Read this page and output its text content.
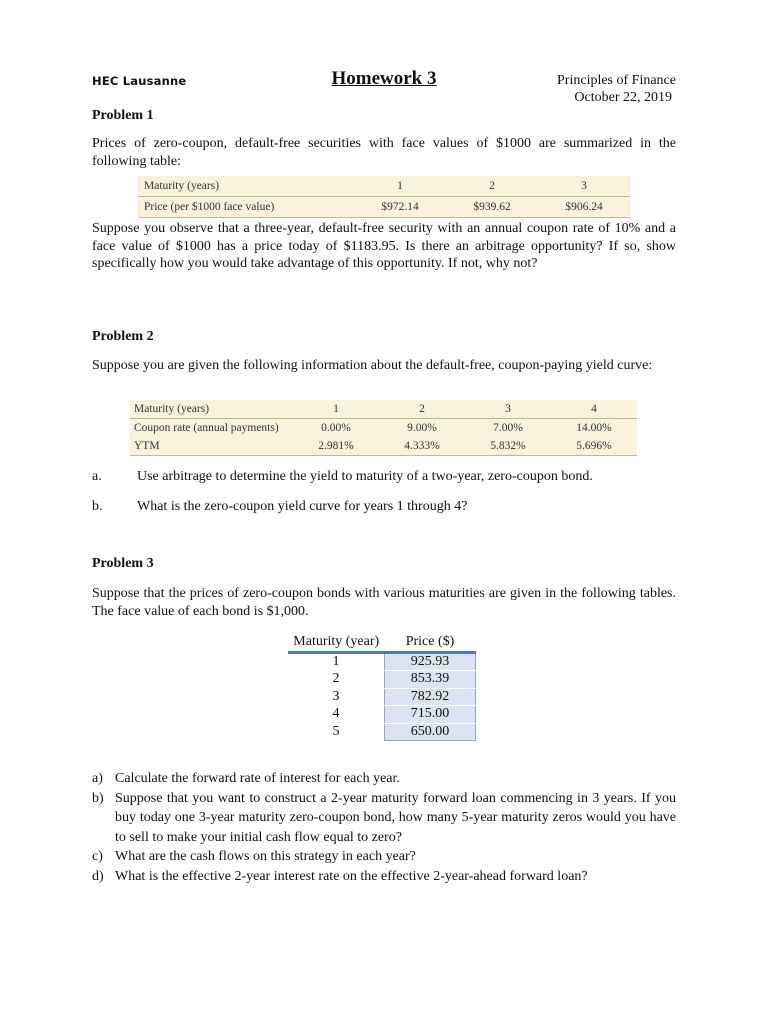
HEC Lausanne	Homework 3	Principles of Finance
October 22, 2019
Problem 1
Prices of zero-coupon, default-free securities with face values of $1000 are summarized in the following table:
Maturity (years)	1	2	3
Price (per $1000 face value)	$972.14	$939.62	$906.24
Suppose you observe that a three-year, default-free security with an annual coupon rate of 10% and a face value of $1000 has a price today of $1183.95. Is there an arbitrage opportunity? If so, show specifically how you would take advantage of this opportunity. If not, why not?
Problem 2
Suppose you are given the following information about the default-free, coupon-paying yield curve:
Maturity (years)	1	2	3	4
Coupon rate (annual payments)	0.00%	9.00%	7.00%	14.00%
YTM	2.981%	4.333%	5.832%	5.696%
a.	Use arbitrage to determine the yield to maturity of a two-year, zero-coupon bond.
b. What is the zero-coupon yield curve for years 1 through 4?
Problem 3
Suppose that the prices of zero-coupon bonds with various maturities are given in the following tables. The face value of each bond is $1,000.
Maturity (year)	Price ($)
1	925.93
2	853.39
3	782.92
4	715.00
5	650.00
a) Calculate the forward rate of interest for each year.
b) Suppose that you want to construct a 2-year maturity forward loan commencing in 3 years. If you buy today one 3-year maturity zero-coupon bond, how many 5-year maturity zeros would you have to sell to make your initial cash flow equal to zero?
c) What are the cash flows on this strategy in each year?
d) What is the effective 2-year interest rate on the effective 2-year-ahead forward loan?
